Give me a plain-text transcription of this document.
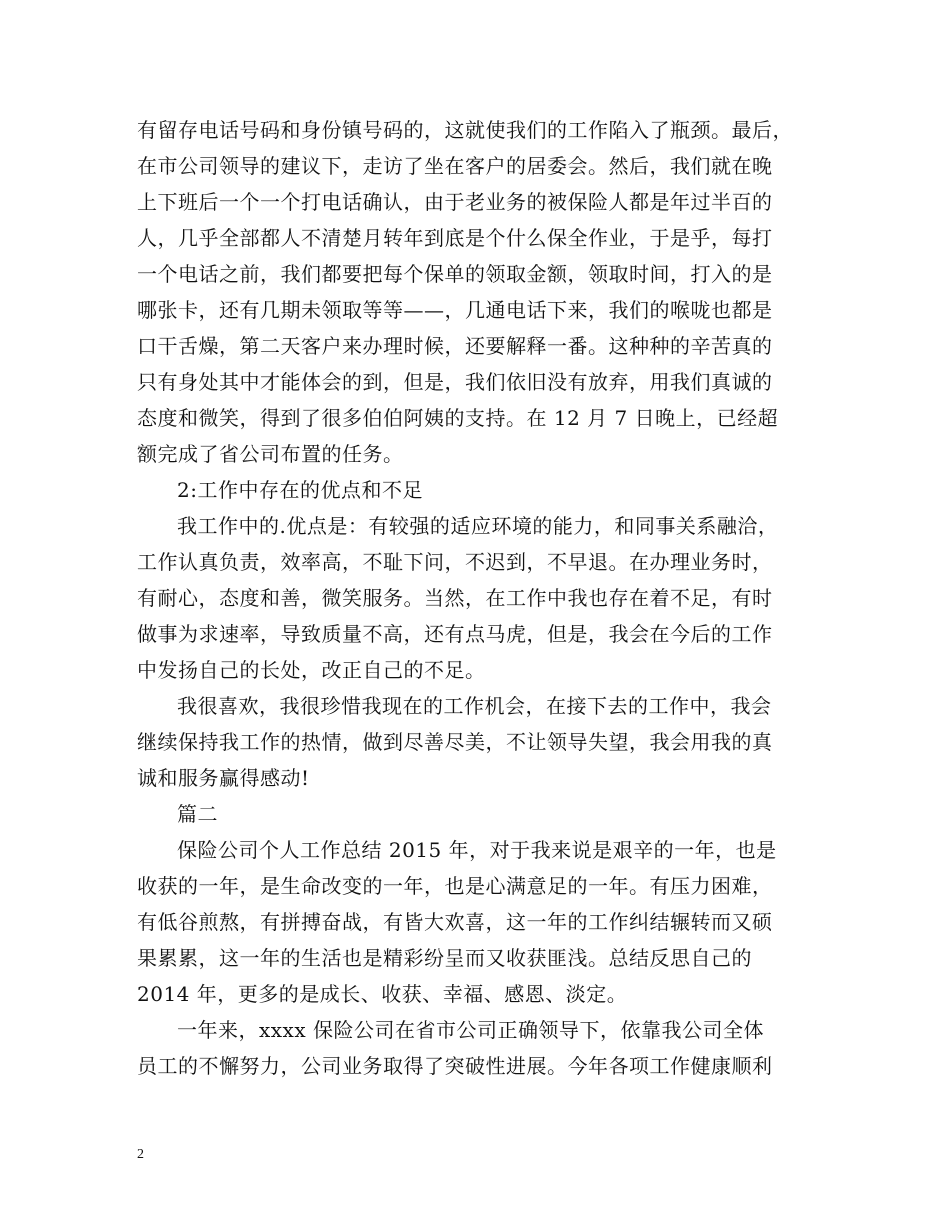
有留存电话号码和身份镇号码的，这就使我们的工作陷入了瓶颈。最后，
在市公司领导的建议下，走访了坐在客户的居委会。然后，我们就在晚
上下班后一个一个打电话确认，由于老业务的被保险人都是年过半百的
人，几乎全部都人不清楚月转年到底是个什么保全作业，于是乎，每打
一个电话之前，我们都要把每个保单的领取金额，领取时间，打入的是
哪张卡，还有几期未领取等等——，几通电话下来，我们的喉咙也都是
口干舌燥，第二天客户来办理时候，还要解释一番。这种种的辛苦真的
只有身处其中才能体会的到，但是，我们依旧没有放弃，用我们真诚的
态度和微笑，得到了很多伯伯阿姨的支持。在 12 月 7 日晚上，已经超
额完成了省公司布置的任务。
2:工作中存在的优点和不足
我工作中的.优点是：有较强的适应环境的能力，和同事关系融洽，
工作认真负责，效率高，不耻下问，不迟到，不早退。在办理业务时，
有耐心，态度和善，微笑服务。当然，在工作中我也存在着不足，有时
做事为求速率，导致质量不高，还有点马虎，但是，我会在今后的工作
中发扬自己的长处，改正自己的不足。
我很喜欢，我很珍惜我现在的工作机会，在接下去的工作中，我会
继续保持我工作的热情，做到尽善尽美，不让领导失望，我会用我的真
诚和服务赢得感动!
篇二
保险公司个人工作总结 2015 年，对于我来说是艰辛的一年，也是
收获的一年，是生命改变的一年，也是心满意足的一年。有压力困难，
有低谷煎熬，有拼搏奋战，有皆大欢喜，这一年的工作纠结辗转而又硕
果累累，这一年的生活也是精彩纷呈而又收获匪浅。总结反思自己的
2014 年，更多的是成长、收获、幸福、感恩、淡定。
一年来，xxxx 保险公司在省市公司正确领导下，依靠我公司全体
员工的不懈努力，公司业务取得了突破性进展。今年各项工作健康顺利
2
